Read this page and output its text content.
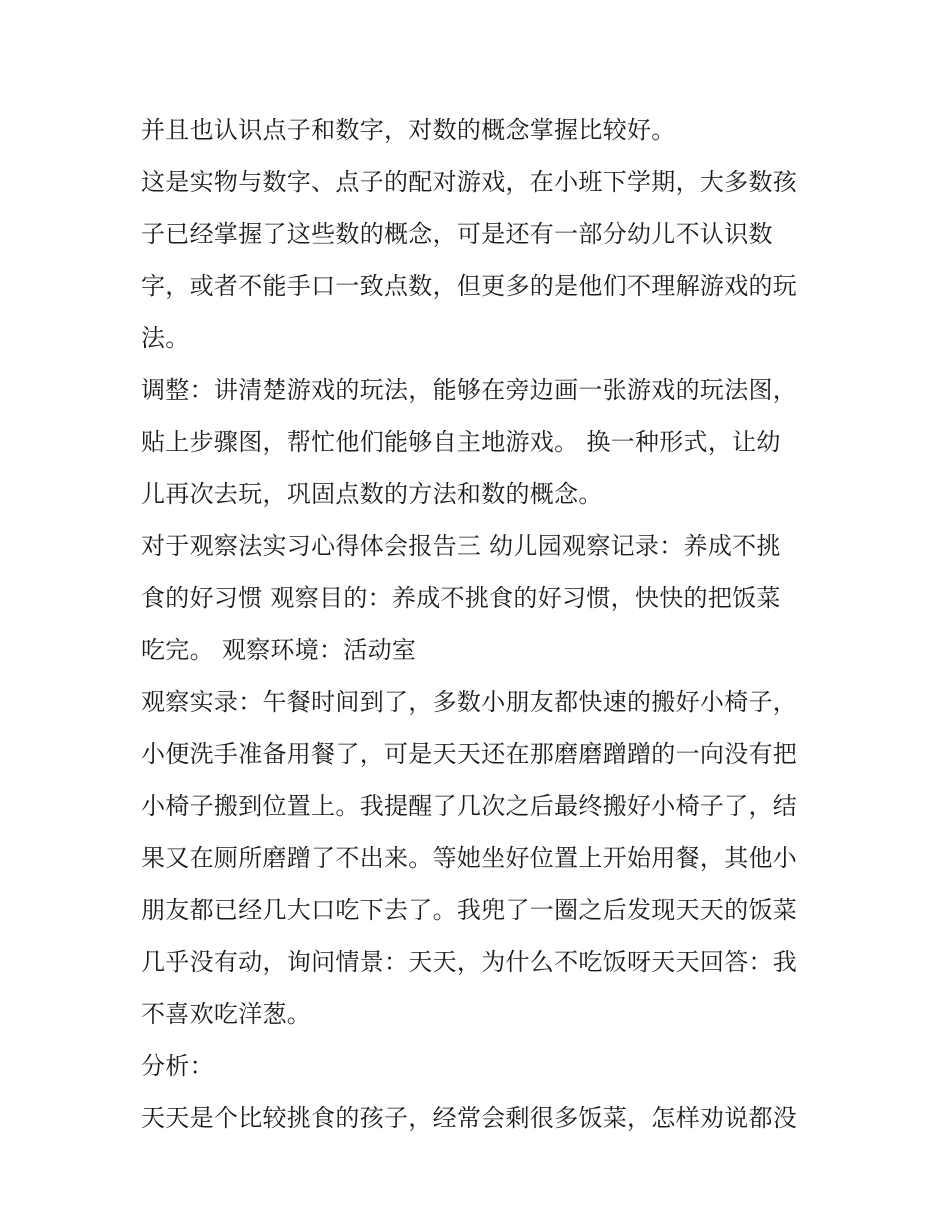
并且也认识点子和数字，对数的概念掌握比较好。
这是实物与数字、点子的配对游戏，在小班下学期，大多数孩
子已经掌握了这些数的概念，可是还有一部分幼儿不认识数
字，或者不能手口一致点数，但更多的是他们不理解游戏的玩
法。
调整：讲清楚游戏的玩法，能够在旁边画一张游戏的玩法图，
贴上步骤图，帮忙他们能够自主地游戏。 换一种形式，让幼
儿再次去玩，巩固点数的方法和数的概念。
对于观察法实习心得体会报告三 幼儿园观察记录：养成不挑
食的好习惯 观察目的：养成不挑食的好习惯，快快的把饭菜
吃完。 观察环境：活动室
观察实录：午餐时间到了，多数小朋友都快速的搬好小椅子，
小便洗手准备用餐了，可是天天还在那磨磨蹭蹭的一向没有把
小椅子搬到位置上。我提醒了几次之后最终搬好小椅子了，结
果又在厕所磨蹭了不出来。等她坐好位置上开始用餐，其他小
朋友都已经几大口吃下去了。我兜了一圈之后发现天天的饭菜
几乎没有动，询问情景：天天，为什么不吃饭呀天天回答：我
不喜欢吃洋葱。
分析：
天天是个比较挑食的孩子，经常会剩很多饭菜，怎样劝说都没
